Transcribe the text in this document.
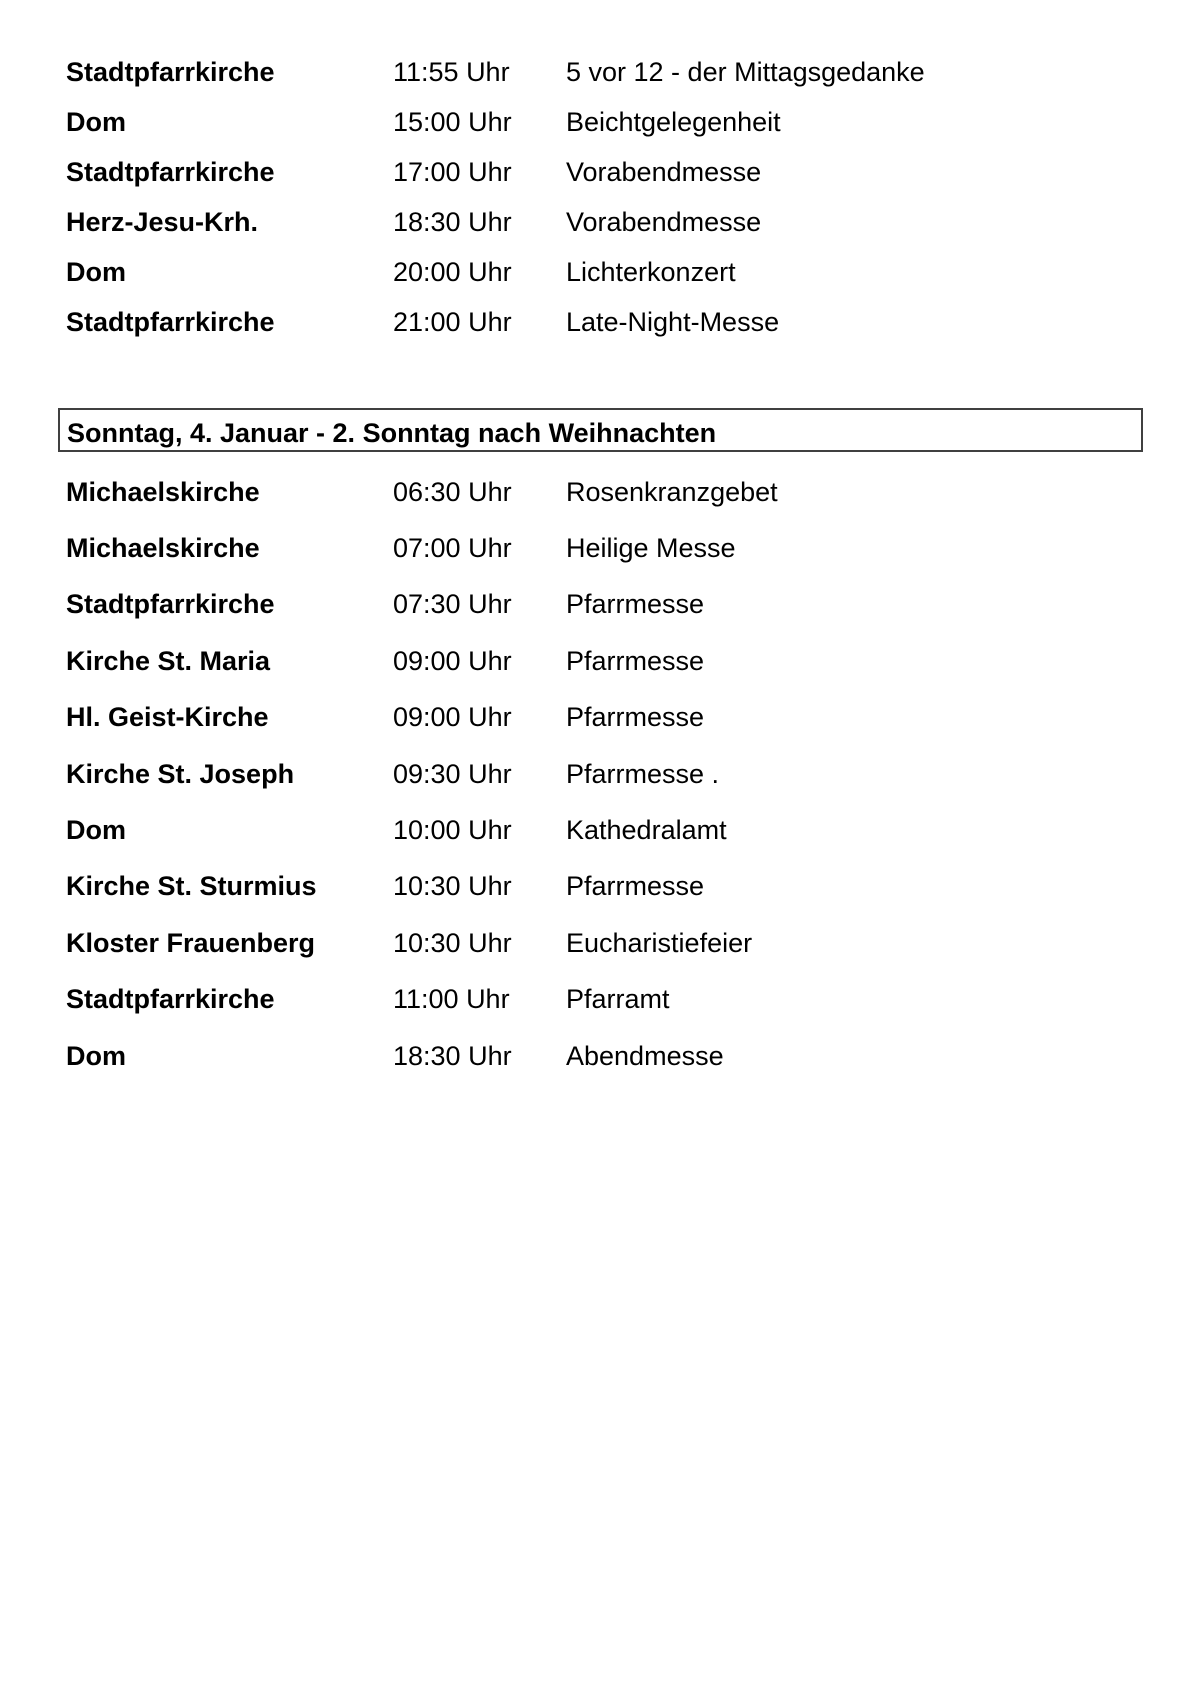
Stadtpfarrkirche	11:55 Uhr	5 vor 12 - der Mittagsgedanke
Dom	15:00 Uhr	Beichtgelegenheit
Stadtpfarrkirche	17:00 Uhr	Vorabendmesse
Herz-Jesu-Krh.	18:30 Uhr	Vorabendmesse
Dom	20:00 Uhr	Lichterkonzert
Stadtpfarrkirche	21:00 Uhr	Late-Night-Messe
Sonntag, 4. Januar - 2. Sonntag nach Weihnachten
Michaelskirche	06:30 Uhr	Rosenkranzgebet
Michaelskirche	07:00 Uhr	Heilige Messe
Stadtpfarrkirche	07:30 Uhr	Pfarrmesse
Kirche St. Maria	09:00 Uhr	Pfarrmesse
Hl. Geist-Kirche	09:00 Uhr	Pfarrmesse
Kirche St. Joseph	09:30 Uhr	Pfarrmesse .
Dom	10:00 Uhr	Kathedralamt
Kirche St. Sturmius	10:30 Uhr	Pfarrmesse
Kloster Frauenberg	10:30 Uhr	Eucharistiefeier
Stadtpfarrkirche	11:00 Uhr	Pfarramt
Dom	18:30 Uhr	Abendmesse
